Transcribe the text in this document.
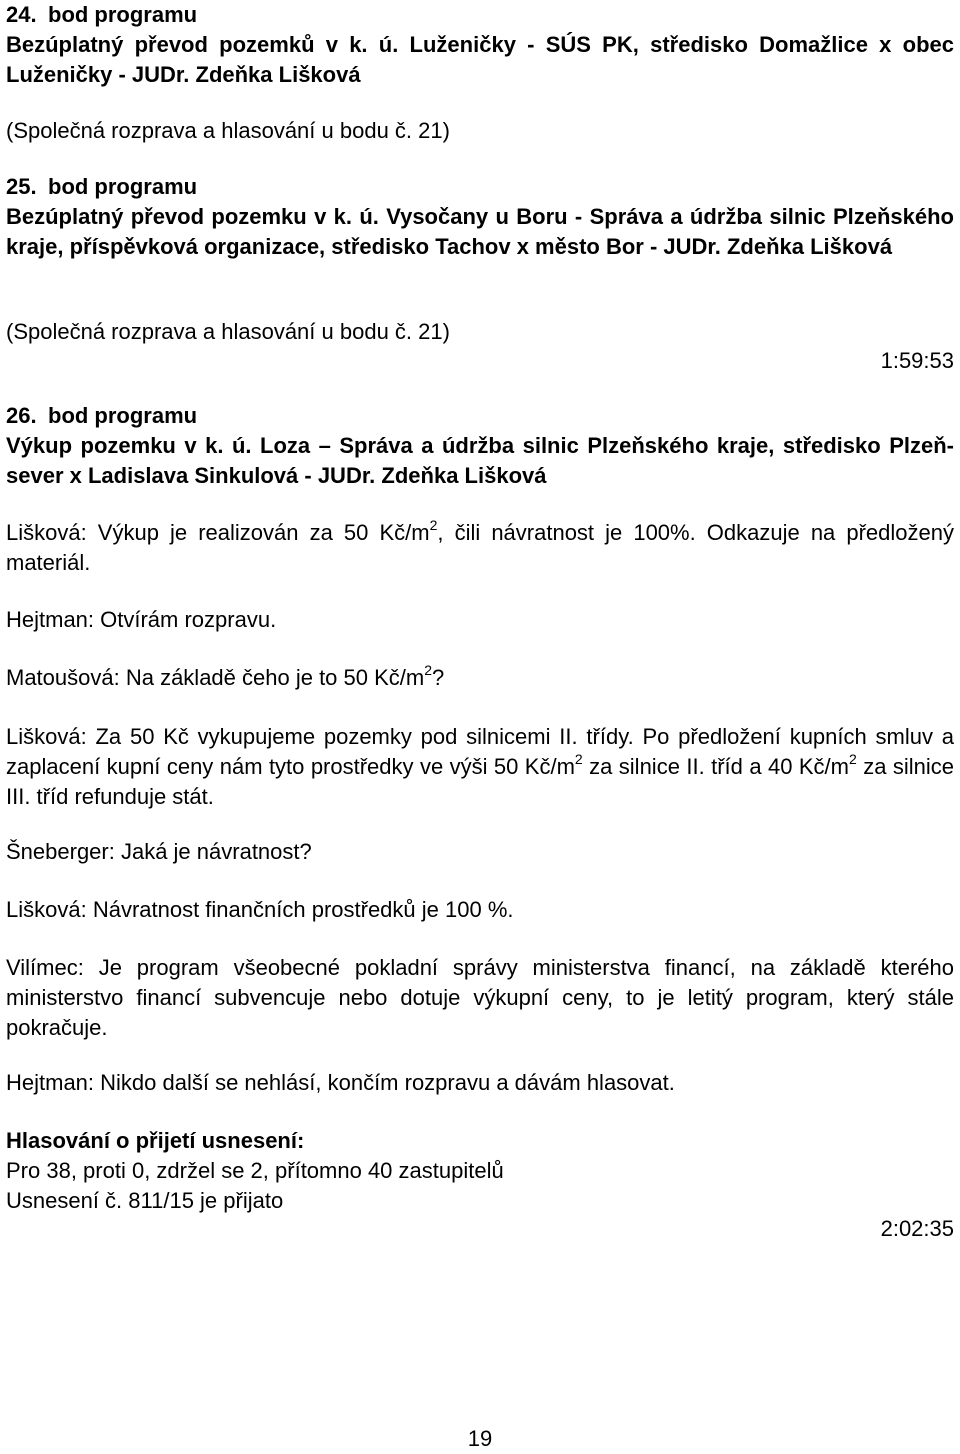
24. bod programu
Bezúplatný převod pozemků v k. ú. Luženičky - SÚS PK, středisko Domažlice x obec Luženičky - JUDr. Zdeňka Lišková
(Společná rozprava a hlasování u bodu č. 21)
25. bod programu
Bezúplatný převod pozemku v k. ú. Vysočany u Boru - Správa a údržba silnic Plzeňského kraje, příspěvková organizace, středisko Tachov x město Bor - JUDr. Zdeňka Lišková
(Společná rozprava a hlasování u bodu č. 21)
1:59:53
26. bod programu
Výkup pozemku v k. ú. Loza – Správa a údržba silnic Plzeňského kraje, středisko Plzeň-sever x Ladislava Sinkulová - JUDr. Zdeňka Lišková
Lišková: Výkup je realizován za 50 $Kč/m^2$, čili návratnost je 100%. Odkazuje na předložený materiál.
Hejtman: Otvírám rozpravu.
Matoušová: Na základě čeho je to 50 $Kč/m^2$?
Lišková: Za 50 Kč vykupujeme pozemky pod silnicemi II. třídy. Po předložení kupních smluv a zaplacení kupní ceny nám tyto prostředky ve výši 50 $Kč/m^2$ za silnice II. tříd a 40 $Kč/m^2$ za silnice III. tříd refunduje stát.
Šneberger: Jaká je návratnost?
Lišková: Návratnost finančních prostředků je 100 %.
Vilímec: Je program všeobecné pokladní správy ministerstva financí, na základě kterého ministerstvo financí subvencuje nebo dotuje výkupní ceny, to je letitý program, který stále pokračuje.
Hejtman: Nikdo další se nehlásí, končím rozpravu a dávám hlasovat.
Hlasování o přijetí usnesení:
Pro 38, proti 0, zdržel se 2, přítomno 40 zastupitelů
Usnesení č. 811/15 je přijato
2:02:35
19
